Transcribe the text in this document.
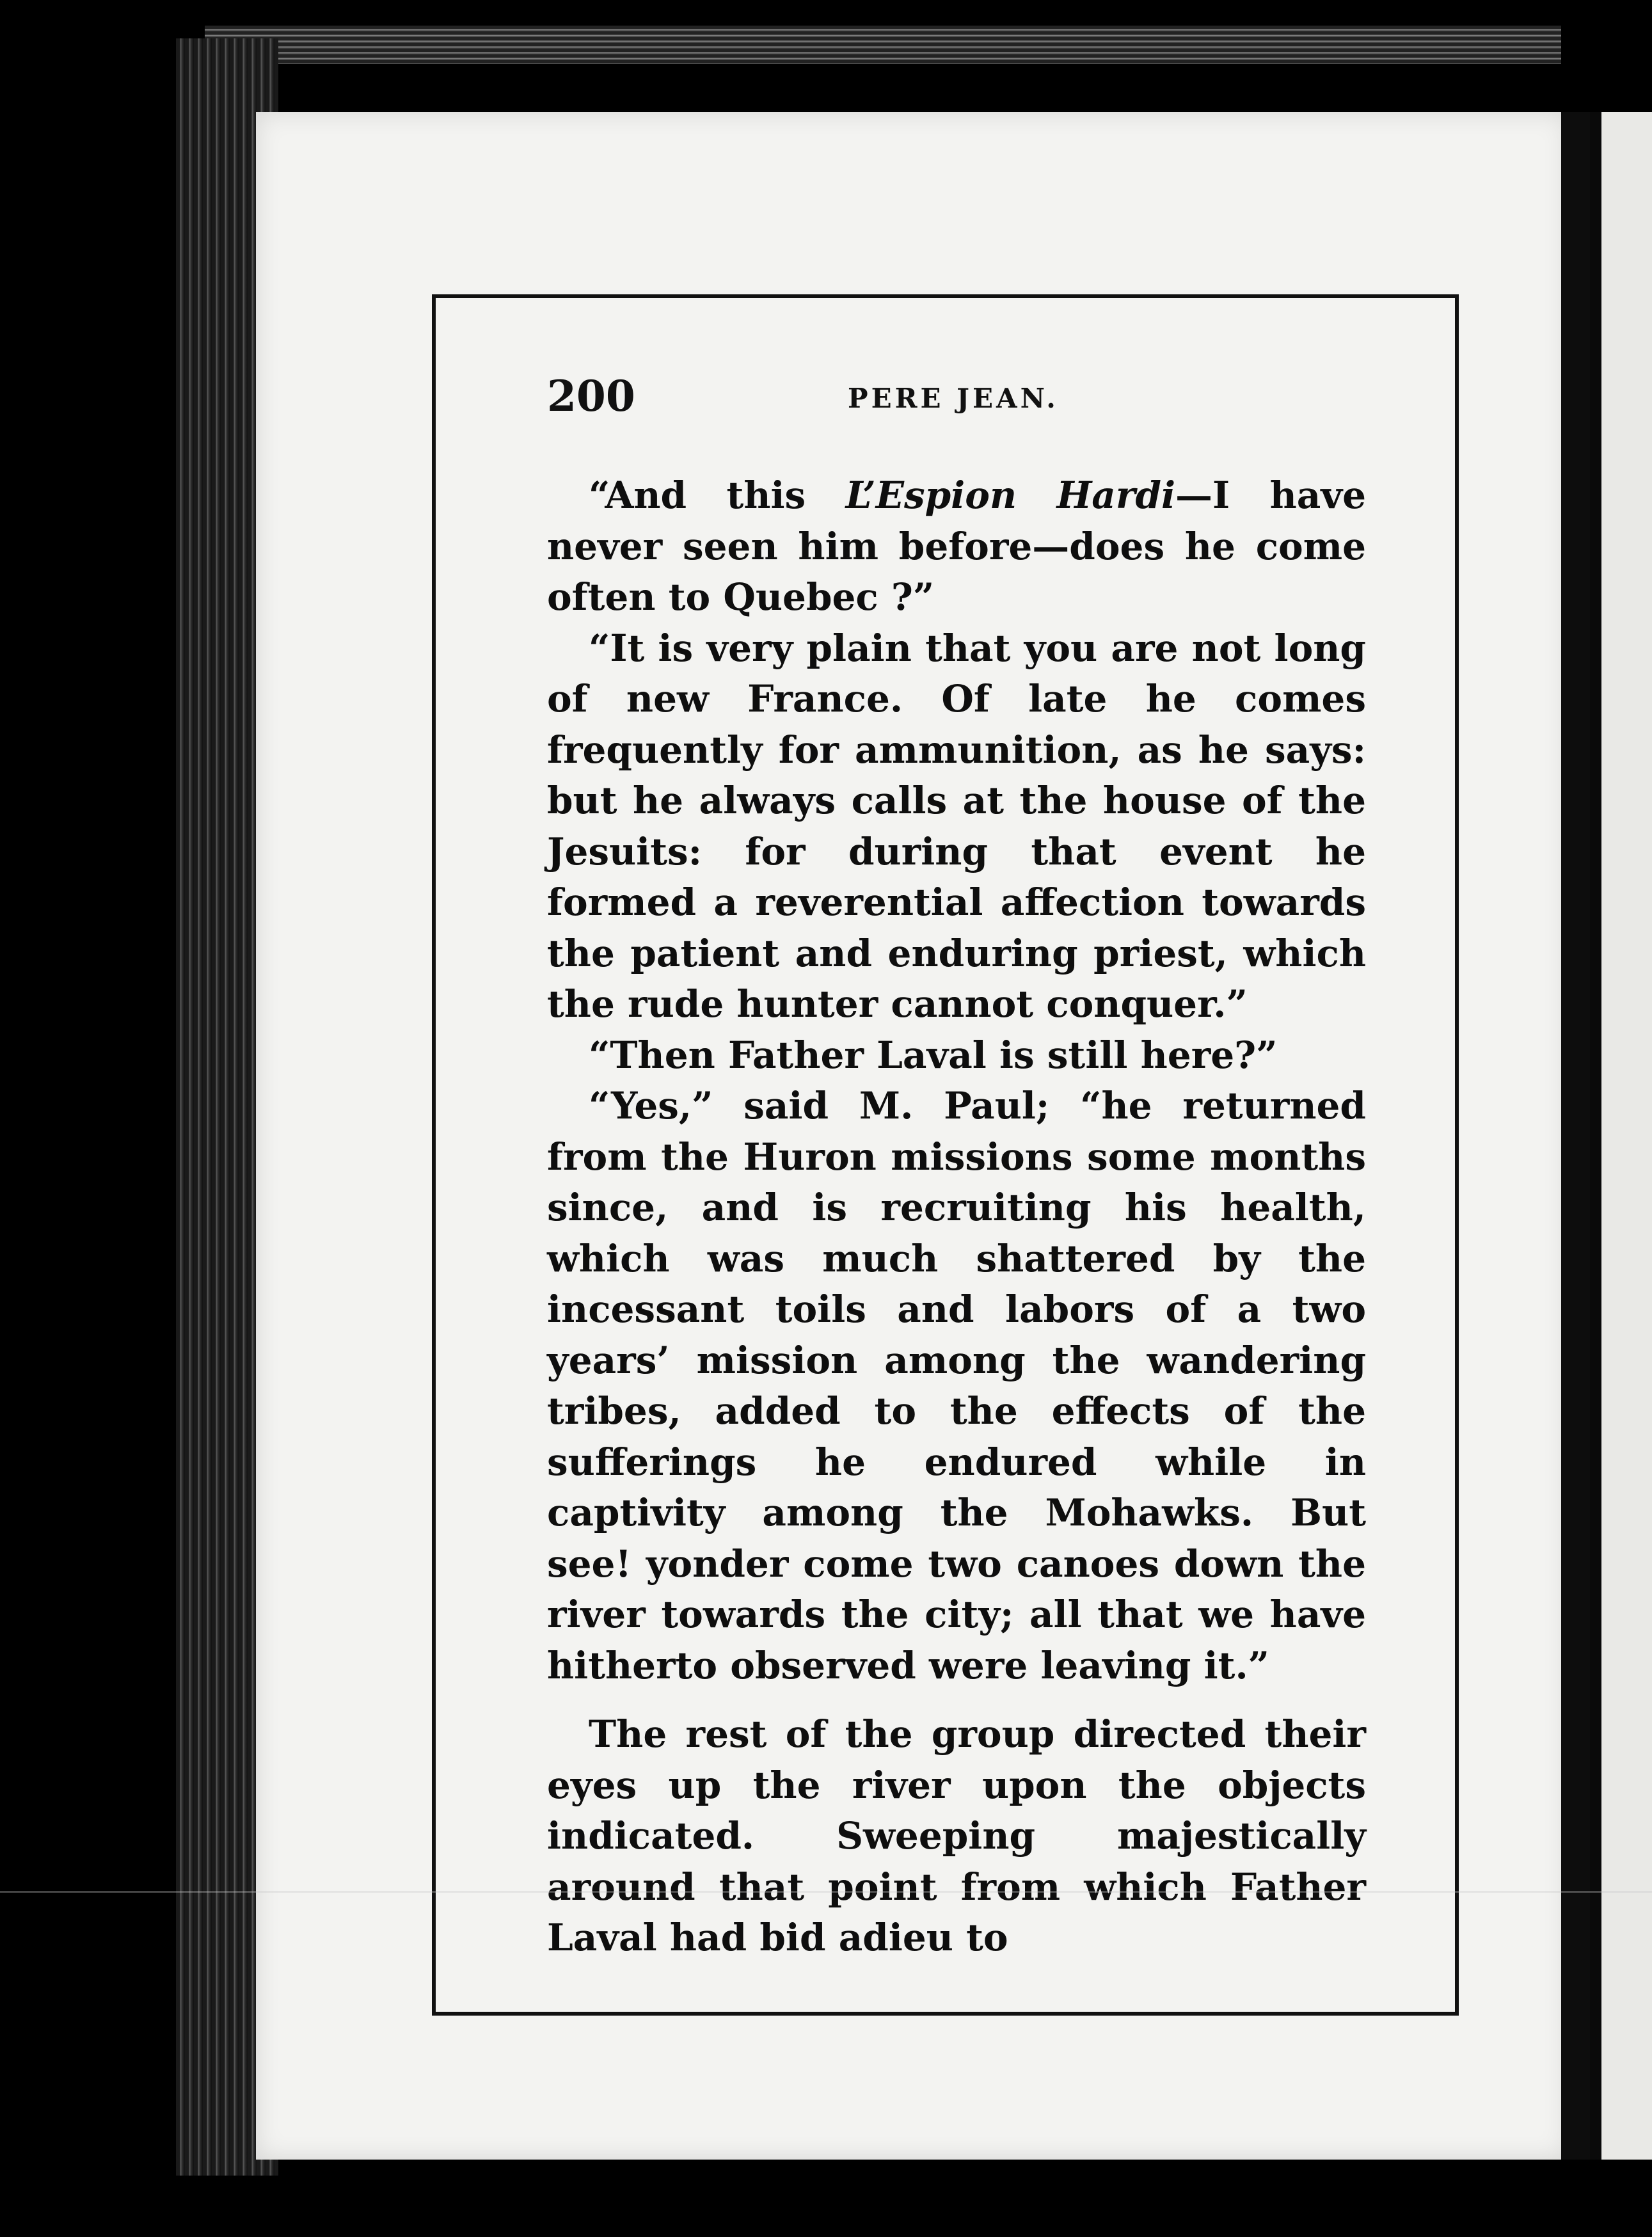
200	PERE JEAN.

“And this L’Espion Hardi—I have never seen him before—does he come often to Quebec ?”

“It is very plain that you are not long of new France. Of late he comes frequently for ammunition, as he says: but he always calls at the house of the Jesuits: for during that event he formed a reverential affection towards the patient and enduring priest, which the rude hunter cannot conquer.”

“Then Father Laval is still here?”

“Yes,” said M. Paul; “he returned from the Huron missions some months since, and is recruiting his health, which was much shattered by the incessant toils and labors of a two years’ mission among the wandering tribes, added to the effects of the sufferings he endured while in captivity among the Mohawks. But see! yonder come two canoes down the river towards the city; all that we have hitherto observed were leaving it.”

The rest of the group directed their eyes up the river upon the objects indicated. Sweeping majestically around that point from which Father Laval had bid adieu to
